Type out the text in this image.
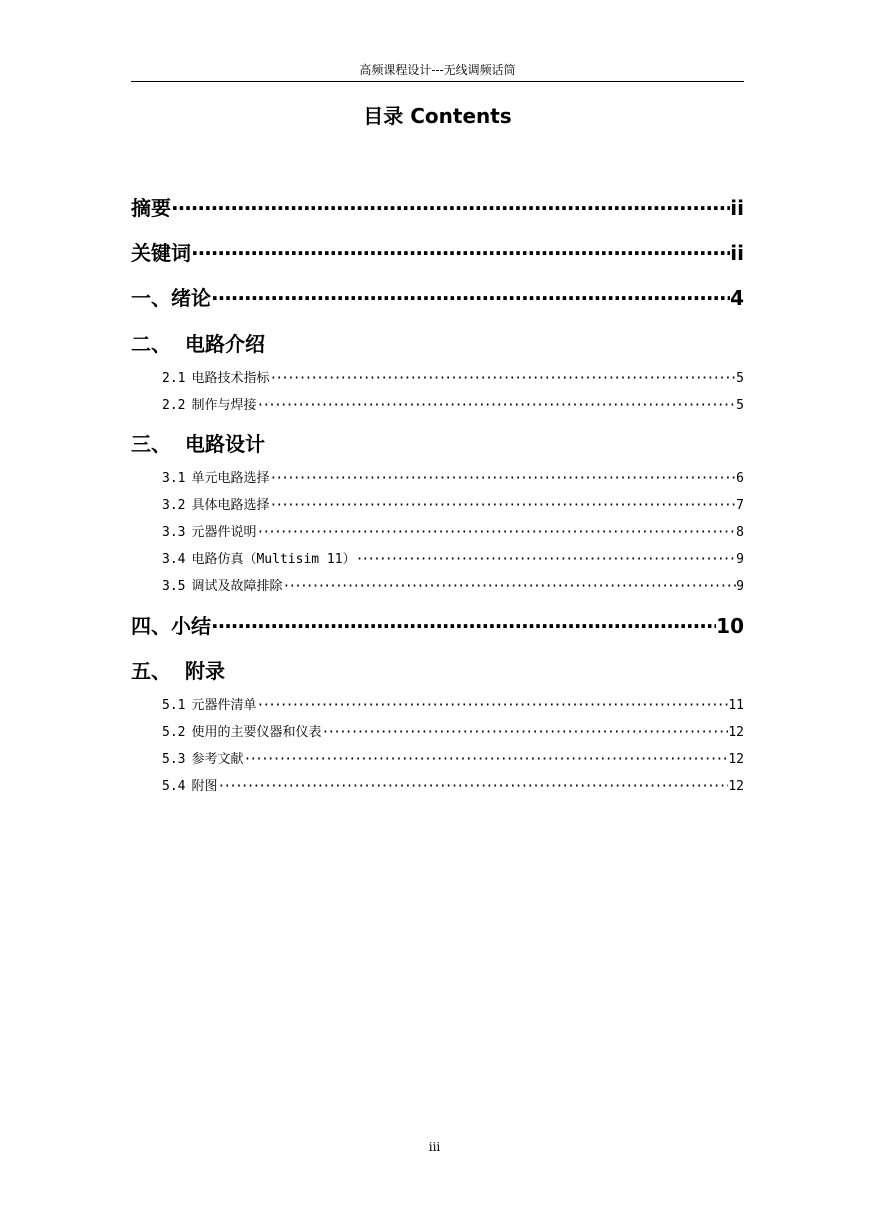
高频课程设计---无线调频话筒
目录 Contents
摘要 ·····	ⅰⅰ
关键词 ·····	ⅰⅰ
一、 绪论 ·····	4
二、 电路介绍
2.1 电路技术指标 ·····	5
2.2 制作与焊接 ·····	5
三、 电路设计
3.1 单元电路选择 ·····	6
3.2 具体电路选择 ·····	7
3.3 元器件说明 ·····	8
3.4 电路仿真（Multisim 11） ·····	9
3.5 调试及故障排除 ·····	9
四、 小结 ·····	10
五、 附录
5.1 元器件清单 ·····	11
5.2 使用的主要仪器和仪表 ·····	12
5.3 参考文献 ·····	12
5.4 附图 ·····	12
iii
